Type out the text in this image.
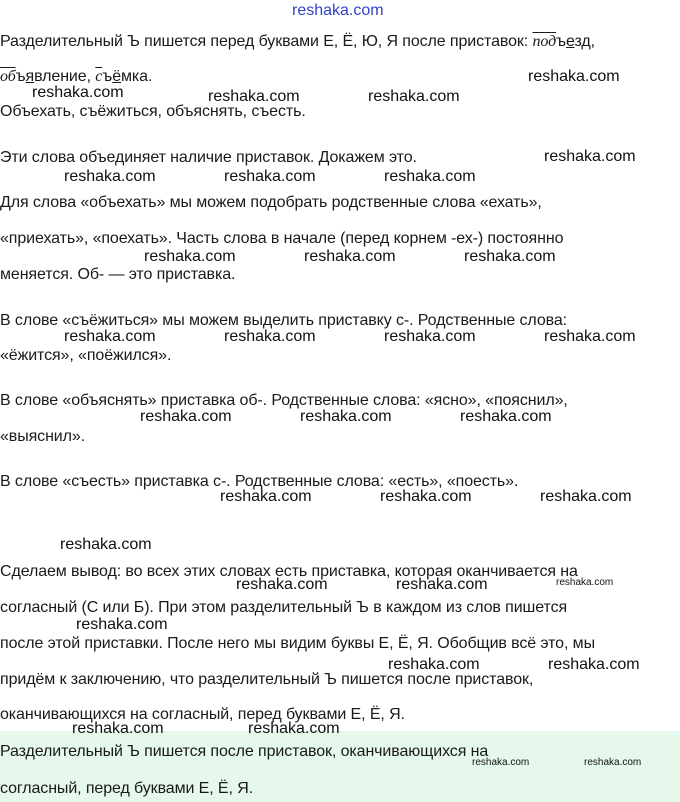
reshaka.com
Разделительный Ъ пишется перед буквами Е, Ё, Ю, Я после приставок: подъезд,
объявление, съёмка.
Объехать, съёжиться, объяснять, съесть.
Эти слова объединяет наличие приставок. Докажем это.
Для слова «объехать» мы можем подобрать родственные слова «ехать»,
«приехать», «поехать». Часть слова в начале (перед корнем -ех-) постоянно
меняется. Об- — это приставка.
В слове «съёжиться» мы можем выделить приставку с-. Родственные слова:
«ёжится», «поёжился».
В слове «объяснять» приставка об-. Родственные слова: «ясно», «пояснил»,
«выяснил».
В слове «съесть» приставка с-. Родственные слова: «есть», «поесть».
Сделаем вывод: во всех этих словах есть приставка, которая оканчивается на
согласный (С или Б). При этом разделительный Ъ в каждом из слов пишется
после этой приставки. После него мы видим буквы Е, Ё, Я. Обобщив всё это, мы
придём к заключению, что разделительный Ъ пишется после приставок,
оканчивающихся на согласный, перед буквами Е, Ё, Я.
Разделительный Ъ пишется после приставок, оканчивающихся на
согласный, перед буквами Е, Ё, Я.
reshaka.com
reshaka.com	reshaka.com	reshaka.com
reshaka.com
reshaka.com	reshaka.com	reshaka.com
reshaka.com	reshaka.com	reshaka.com
reshaka.com	reshaka.com	reshaka.com	reshaka.com
reshaka.com	reshaka.com	reshaka.com
reshaka.com	reshaka.com	reshaka.com
reshaka.com
reshaka.com	reshaka.com	reshaka.com
reshaka.com
reshaka.com	reshaka.com
reshaka.com	reshaka.com
reshaka.com	reshaka.com
